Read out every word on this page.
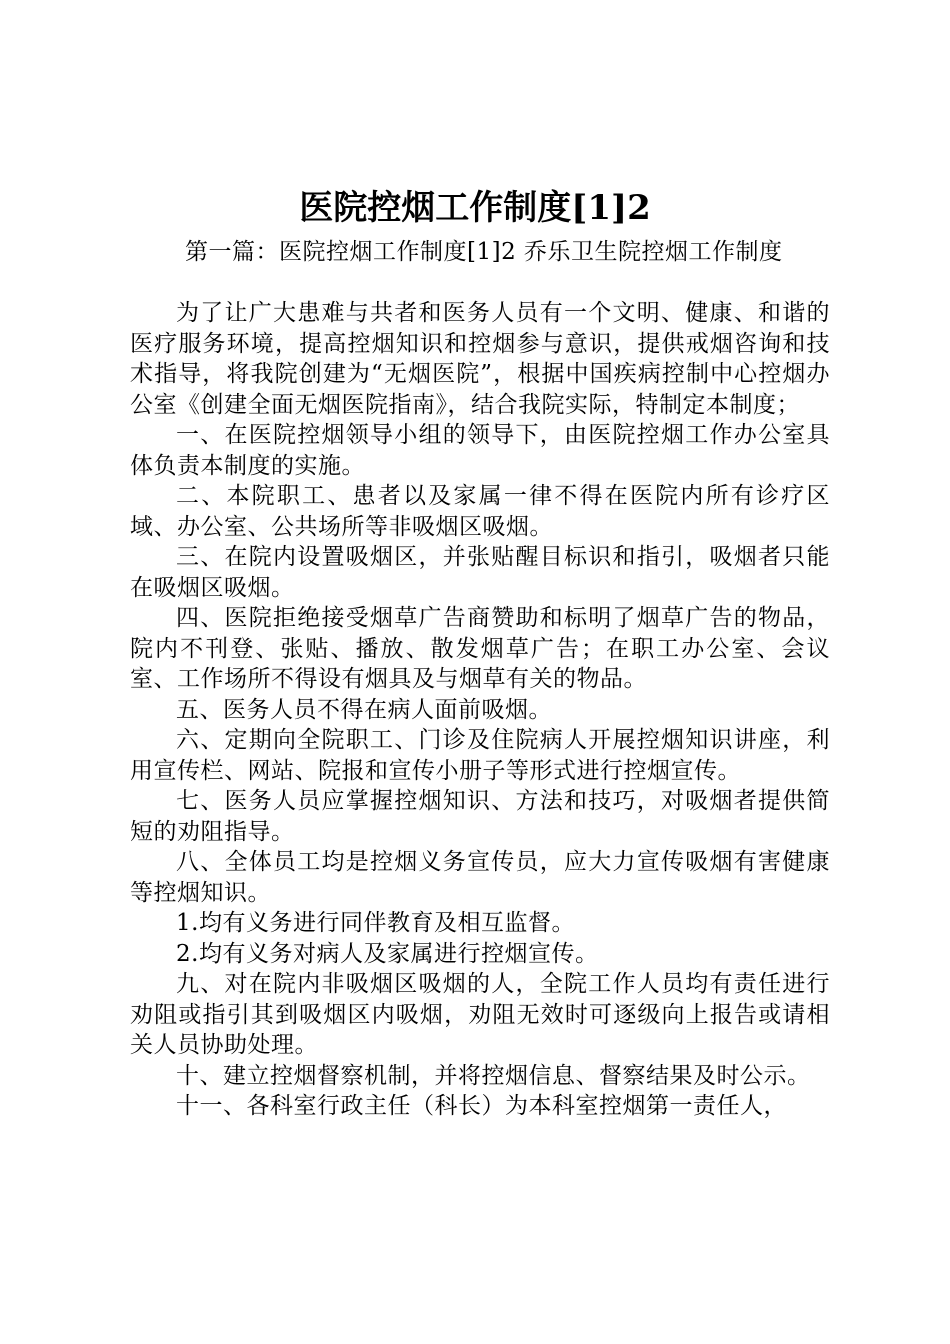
医院控烟工作制度[1]2
第一篇：医院控烟工作制度[1]2 乔乐卫生院控烟工作制度

为了让广大患难与共者和医务人员有一个文明、健康、和谐的医疗服务环境，提高控烟知识和控烟参与意识，提供戒烟咨询和技术指导，将我院创建为“无烟医院”，根据中国疾病控制中心控烟办公室《创建全面无烟医院指南》，结合我院实际，特制定本制度；

一、在医院控烟领导小组的领导下，由医院控烟工作办公室具体负责本制度的实施。

二、本院职工、患者以及家属一律不得在医院内所有诊疗区域、办公室、公共场所等非吸烟区吸烟。

三、在院内设置吸烟区，并张贴醒目标识和指引，吸烟者只能在吸烟区吸烟。

四、医院拒绝接受烟草广告商赞助和标明了烟草广告的物品，院内不刊登、张贴、播放、散发烟草广告；在职工办公室、会议室、工作场所不得设有烟具及与烟草有关的物品。

五、医务人员不得在病人面前吸烟。

六、定期向全院职工、门诊及住院病人开展控烟知识讲座，利用宣传栏、网站、院报和宣传小册子等形式进行控烟宣传。

七、医务人员应掌握控烟知识、方法和技巧，对吸烟者提供简短的劝阻指导。

八、全体员工均是控烟义务宣传员，应大力宣传吸烟有害健康等控烟知识。

1.均有义务进行同伴教育及相互监督。

2.均有义务对病人及家属进行控烟宣传。

九、对在院内非吸烟区吸烟的人，全院工作人员均有责任进行劝阻或指引其到吸烟区内吸烟，劝阻无效时可逐级向上报告或请相关人员协助处理。

十、建立控烟督察机制，并将控烟信息、督察结果及时公示。

十一、各科室行政主任（科长）为本科室控烟第一责任人，
